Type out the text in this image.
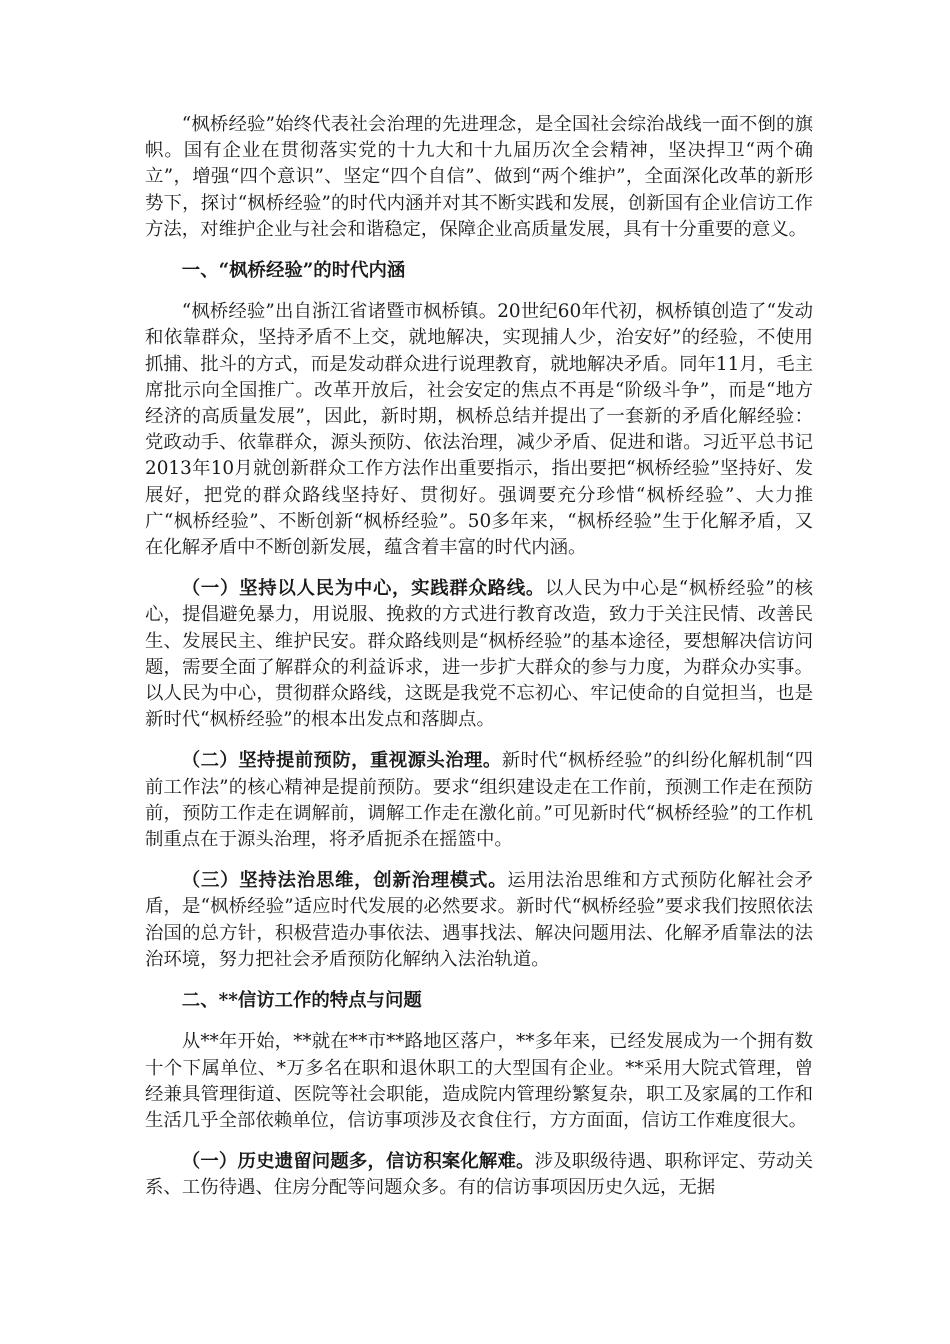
“枫桥经验”始终代表社会治理的先进理念，是全国社会综治战线一面不倒的旗帜。国有企业在贯彻落实党的十九大和十九届历次全会精神，坚决捍卫“两个确立”，增强“四个意识”、坚定“四个自信”、做到“两个维护”，全面深化改革的新形势下，探讨“枫桥经验”的时代内涵并对其不断实践和发展，创新国有企业信访工作方法，对维护企业与社会和谐稳定，保障企业高质量发展，具有十分重要的意义。

一、“枫桥经验”的时代内涵

“枫桥经验”出自浙江省诸暨市枫桥镇。20世纪60年代初，枫桥镇创造了“发动和依靠群众，坚持矛盾不上交，就地解决，实现捕人少，治安好”的经验，不使用抓捕、批斗的方式，而是发动群众进行说理教育，就地解决矛盾。同年11月，毛主席批示向全国推广。改革开放后，社会安定的焦点不再是“阶级斗争”，而是“地方经济的高质量发展”，因此，新时期，枫桥总结并提出了一套新的矛盾化解经验：党政动手、依靠群众，源头预防、依法治理，减少矛盾、促进和谐。习近平总书记2013年10月就创新群众工作方法作出重要指示，指出要把“枫桥经验”坚持好、发展好，把党的群众路线坚持好、贯彻好。强调要充分珍惜“枫桥经验”、大力推广“枫桥经验”、不断创新“枫桥经验”。50多年来，“枫桥经验”生于化解矛盾，又在化解矛盾中不断创新发展，蕴含着丰富的时代内涵。

（一）坚持以人民为中心，实践群众路线。以人民为中心是“枫桥经验”的核心，提倡避免暴力，用说服、挽救的方式进行教育改造，致力于关注民情、改善民生、发展民主、维护民安。群众路线则是“枫桥经验”的基本途径，要想解决信访问题，需要全面了解群众的利益诉求，进一步扩大群众的参与力度，为群众办实事。以人民为中心，贯彻群众路线，这既是我党不忘初心、牢记使命的自觉担当，也是新时代“枫桥经验”的根本出发点和落脚点。

（二）坚持提前预防，重视源头治理。新时代“枫桥经验”的纠纷化解机制“四前工作法”的核心精神是提前预防。要求“组织建设走在工作前，预测工作走在预防前，预防工作走在调解前，调解工作走在激化前。”可见新时代“枫桥经验”的工作机制重点在于源头治理，将矛盾扼杀在摇篮中。

（三）坚持法治思维，创新治理模式。运用法治思维和方式预防化解社会矛盾，是“枫桥经验”适应时代发展的必然要求。新时代“枫桥经验”要求我们按照依法治国的总方针，积极营造办事依法、遇事找法、解决问题用法、化解矛盾靠法的法治环境，努力把社会矛盾预防化解纳入法治轨道。

二、**信访工作的特点与问题

从**年开始，**就在**市**路地区落户，**多年来，已经发展成为一个拥有数十个下属单位、*万多名在职和退休职工的大型国有企业。**采用大院式管理，曾经兼具管理街道、医院等社会职能，造成院内管理纷繁复杂，职工及家属的工作和生活几乎全部依赖单位，信访事项涉及衣食住行，方方面面，信访工作难度很大。

（一）历史遗留问题多，信访积案化解难。涉及职级待遇、职称评定、劳动关系、工伤待遇、住房分配等问题众多。有的信访事项因历史久远，无据
